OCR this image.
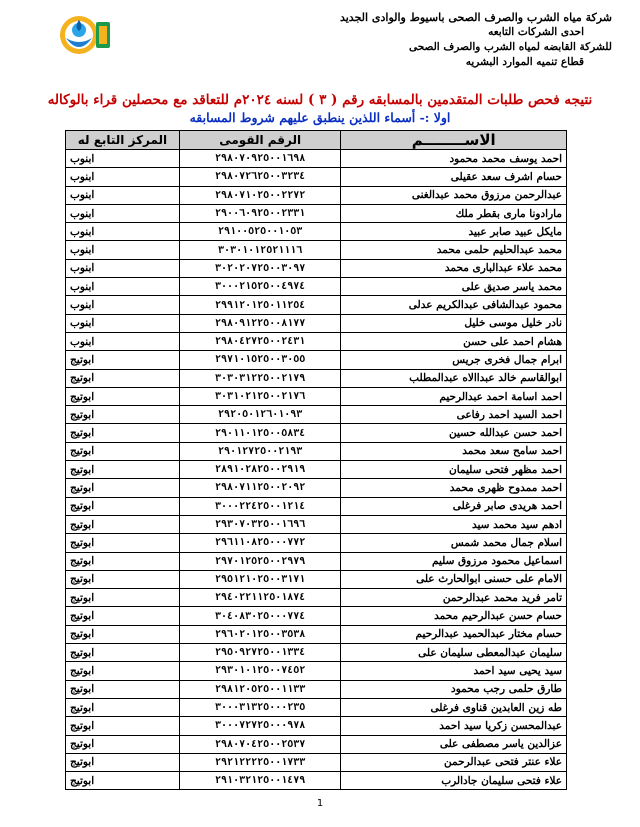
شركة مياه الشرب والصرف الصحى باسيوط والوادى الجديد
احدى الشركات التابعه
للشركة القابضه لمياه الشرب والصرف الصحى
قطاع تنميه الموارد البشريه
نتيجه فحص طلبات المتقدمين بالمسابقه رقم ( ٣ ) لسنه ٢٠٢٤م للتعاقد مع محصلين قراء بالوكاله
اولا :- أسماء اللذين ينطبق عليهم شروط المسابقه
الاســــــــم	الرقم القومى	المركز التابع له
احمد يوسف محمد محمود	٢٩٨٠٧٠٩٢٥٠٠١٦٩٨	ابنوب
حسام اشرف سعد عقيلى	٢٩٨٠٧٢٦٢٥٠٠٣٢٣٤	ابنوب
عبدالرحمن مرزوق محمد عبدالغنى	٢٩٨٠٧١٠٢٥٠٠٢٢٧٢	ابنوب
مارادونا مارى بقطر ملك	٢٩٠٠٦٠٩٢٥٠٠٢٣٣١	ابنوب
مايكل عبيد صابر عبيد	٢٩١٠٠٥٢٥٠٠١٠٥٣	ابنوب
محمد عبدالحليم حلمى محمد	٣٠٣٠١٠١٢٥٢١١١٦	ابنوب
محمد علاء عبدالبارى محمد	٣٠٢٠٢٠٧٢٥٠٠٣٠٩٧	ابنوب
محمد ياسر صديق على	٣٠٠٠٢١٥٢٥٠٠٤٩٧٤	ابنوب
محمود عبدالشافى عبدالكريم عدلى	٢٩٩١٢٠١٢٥٠١١٢٥٤	ابنوب
نادر خليل موسى خليل	٢٩٨٠٩١٢٢٥٠٠٨١٧٧	ابنوب
هشام احمد على حسن	٢٩٨٠٤٢٧٢٥٠٠٢٤٣١	ابنوب
ابرام جمال فخرى جريس	٢٩٧١٠١٥٢٥٠٠٣٠٥٥	ابوتيج
ابوالقاسم خالد عبداالاه عبدالمطلب	٣٠٣٠٣١٢٢٥٠٠٢١٧٩	ابوتيج
احمد اسامة احمد عبدالرحيم	٣٠٣١٠٢١٢٥٠٠٢١٧٦	ابوتيج
احمد السيد احمد رفاعى	٢٩٢٠٥٠١٢٦٠١٠٩٣	ابوتيج
احمد حسن عبدالله حسين	٢٩٠١١٠١٢٥٠٠٥٨٣٤	ابوتيج
احمد سامح سعد محمد	٢٩٠١٢٧٢٥٠٠٢١٩٣	ابوتيج
احمد مظهر فتحى سليمان	٢٨٩١٠٢٨٢٥٠٠٢٩١٩	ابوتيج
احمد ممدوح ظهرى محمد	٢٩٨٠٧١١٢٥٠٠٢٠٩٢	ابوتيج
احمد هريدى صابر فرغلى	٣٠٠٠٢٢٤٢٥٠٠١٢١٤	ابوتيج
ادهم سيد محمد سيد	٢٩٣٠٧٠٣٢٥٠٠١٦٩٦	ابوتيج
اسلام جمال محمد شمس	٢٩٦١١٠٨٢٥٠٠٠٧٧٢	ابوتيج
اسماعيل محمود مرزوق سليم	٢٩٧٠١٢٥٢٥٠٠٢٩٧٩	ابوتيج
الامام على حسنى ابوالحارث على	٢٩٥١٢١٠٢٥٠٠٣١٧١	ابوتيج
تامر فريد محمد عبدالرحمن	٢٩٤٠٢٢١١٢٥٠١٨٧٤	ابوتيج
حسام حسن عبدالرحيم محمد	٣٠٤٠٨٣٠٢٥٠٠٠٧٧٤	ابوتيج
حسام مختار عبدالحميد عبدالرحيم	٢٩٦٠٢٠١٢٥٠٠٣٥٣٨	ابوتيج
سليمان عبدالمعطى سليمان على	٢٩٥٠٩٢٧٢٥٠٠١٣٣٤	ابوتيج
سيد يحيى سيد احمد	٢٩٣٠١٠١٢٥٠٠٧٤٥٢	ابوتيج
طارق حلمى رجب محمود	٢٩٨١٢٠٥٢٥٠٠١١٣٣	ابوتيج
طه زين العابدين قناوى فرغلى	٣٠٠٠٣١٣٢٥٠٠٠٢٣٥	ابوتيج
عبدالمحسن زكريا سيد احمد	٣٠٠٠٧٢٧٢٥٠٠٠٩٧٨	ابوتيج
عزالدين ياسر مصطفى على	٢٩٨٠٧٠٤٢٥٠٠٢٥٣٧	ابوتيج
علاء عنتر فتحى عبدالرحمن	٢٩٢١٢٢٢٢٥٠٠١٧٣٣	ابوتيج
علاء فتحى سليمان جادالرب	٢٩١٠٣٢١٢٥٠٠١٤٧٩	ابوتيج
1
